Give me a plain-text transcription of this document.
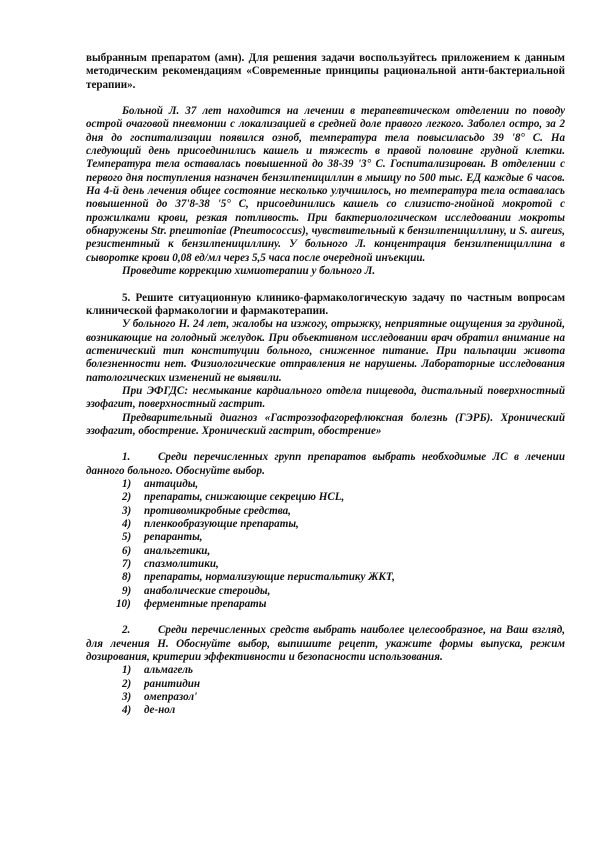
выбранным препаратом (амн). Для решения задачи воспользуйтесь приложением к данным методическим рекомендациям «Современные принципы рациональной анти-бактериальной терапии».

Больной Л. 37 лет находится на лечении в терапевтическом отделении по поводу острой очаговой пневмонии с локализацией в средней доле правого легкого. Заболел остро, за 2 дня до госпитализации появился озноб, температура тела повысиласьдо 39 '8° С. На следующий день присоединились кашель и тяжесть в правой половине грудной клетки. Температура тела оставалась повышенной до 38-39 '3° С. Госпитализирован. В отделении с первого дня поступления назначен бензилпенициллин в мышцу по 500 тыс. ЕД каждые 6 часов. На 4-й день лечения общее состояние несколько улучшилось, но температура тела оставалась повышенной до 37'8-38 '5° С, присоединились кашель со слизисто-гнойной мокротой с прожилками крови, резкая потливость. При бактериологическом исследовании мокроты обнаружены Str. pneumoniae (Pneumococcus), чувствительный к бензилпенициллину, и S. aureus, резистентный к бензилпенициллину. У больного Л. концентрация бензилпенициллина в сыворотке крови 0,08 ед/мл через 5,5 часа после очередной инъекции.

Проведите коррекцию химиотерапии у больного Л.

5. Решите ситуационную клинико-фармакологическую задачу по частным вопросам клинической фармакологии и фармакотерапии.

У больного Н. 24 лет, жалобы на изжогу, отрыжку, неприятные ощущения за грудиной, возникающие на голодный желудок. При объективном исследовании врач обратил внимание на астенический тип конституции больного, сниженное питание. При пальпации живота болезненности нет. Физиологические отправления не нарушены. Лабораторные исследования патологических изменений не выявили.

При ЭФГДС: несмыкание кардиального отдела пищевода, дистальный поверхностный эзофагит, поверхностный гастрит.

Предварительный диагноз «Гастроэзофагорефлюксная болезнь (ГЭРБ). Хронический эзофагит, обострение. Хронический гастрит, обострение»

1. Среди перечисленных групп препаратов выбрать необходимые ЛС в лечении данного больного. Обоснуйте выбор.

1) антациды,
2) препараты, снижающие секрецию HCL,
3) противомикробные средства,
4) пленкообразующие препараты,
5) репаранты,
6) анальгетики,
7) спазмолитики,
8) препараты, нормализующие перистальтику ЖКТ,
9) анаболические стероиды,
10) ферментные препараты

2. Среди перечисленных средств выбрать наиболее целесообразное, на Ваш взгляд, для лечения Н. Обоснуйте выбор, выпишите рецепт, укажите формы выпуска, режим дозирования, критерии эффективности и безопасности использования.

1) альмагель
2) ранитидин
3) омепразол'
4) де-нол
